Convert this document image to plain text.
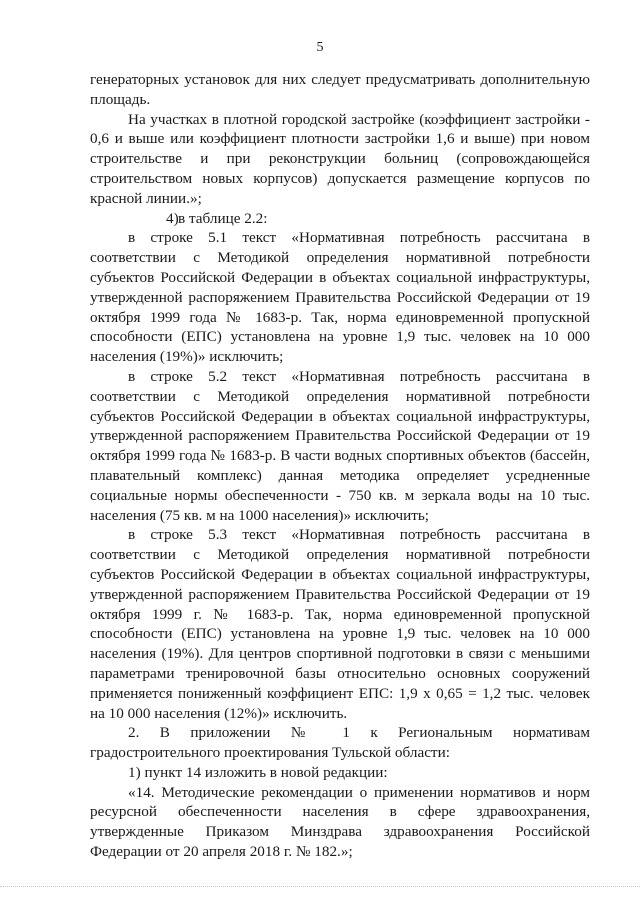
5

генераторных установок для них следует предусматривать дополнительную площадь.

На участках в плотной городской застройке (коэффициент застройки - 0,6 и выше или коэффициент плотности застройки 1,6 и выше) при новом строительстве и при реконструкции больниц (сопровождающейся строительством новых корпусов) допускается размещение корпусов по красной линии.»;

4)в таблице 2.2:

в строке 5.1 текст «Нормативная потребность рассчитана в соответствии с Методикой определения нормативной потребности субъектов Российской Федерации в объектах социальной инфраструктуры, утвержденной распоряжением Правительства Российской Федерации от 19 октября 1999 года № 1683-р. Так, норма единовременной пропускной способности (ЕПС) установлена на уровне 1,9 тыс. человек на 10 000 населения (19%)» исключить;

в строке 5.2 текст «Нормативная потребность рассчитана в соответствии с Методикой определения нормативной потребности субъектов Российской Федерации в объектах социальной инфраструктуры, утвержденной распоряжением Правительства Российской Федерации от 19 октября 1999 года № 1683-р. В части водных спортивных объектов (бассейн, плавательный комплекс) данная методика определяет усредненные социальные нормы обеспеченности - 750 кв. м зеркала воды на 10 тыс. населения (75 кв. м на 1000 населения)» исключить;

в строке 5.3 текст «Нормативная потребность рассчитана в соответствии с Методикой определения нормативной потребности субъектов Российской Федерации в объектах социальной инфраструктуры, утвержденной распоряжением Правительства Российской Федерации от 19 октября 1999 г. № 1683-р. Так, норма единовременной пропускной способности (ЕПС) установлена на уровне 1,9 тыс. человек на 10 000 населения (19%). Для центров спортивной подготовки в связи с меньшими параметрами тренировочной базы относительно основных сооружений применяется пониженный коэффициент ЕПС: 1,9 х 0,65 = 1,2 тыс. человек на 10 000 населения (12%)» исключить.

2. В приложении № 1 к Региональным нормативам градостроительного проектирования Тульской области:

1) пункт 14 изложить в новой редакции:

«14. Методические рекомендации о применении нормативов и норм ресурсной обеспеченности населения в сфере здравоохранения, утвержденные Приказом Минздрава здравоохранения Российской Федерации от 20 апреля 2018 г. № 182.»;
